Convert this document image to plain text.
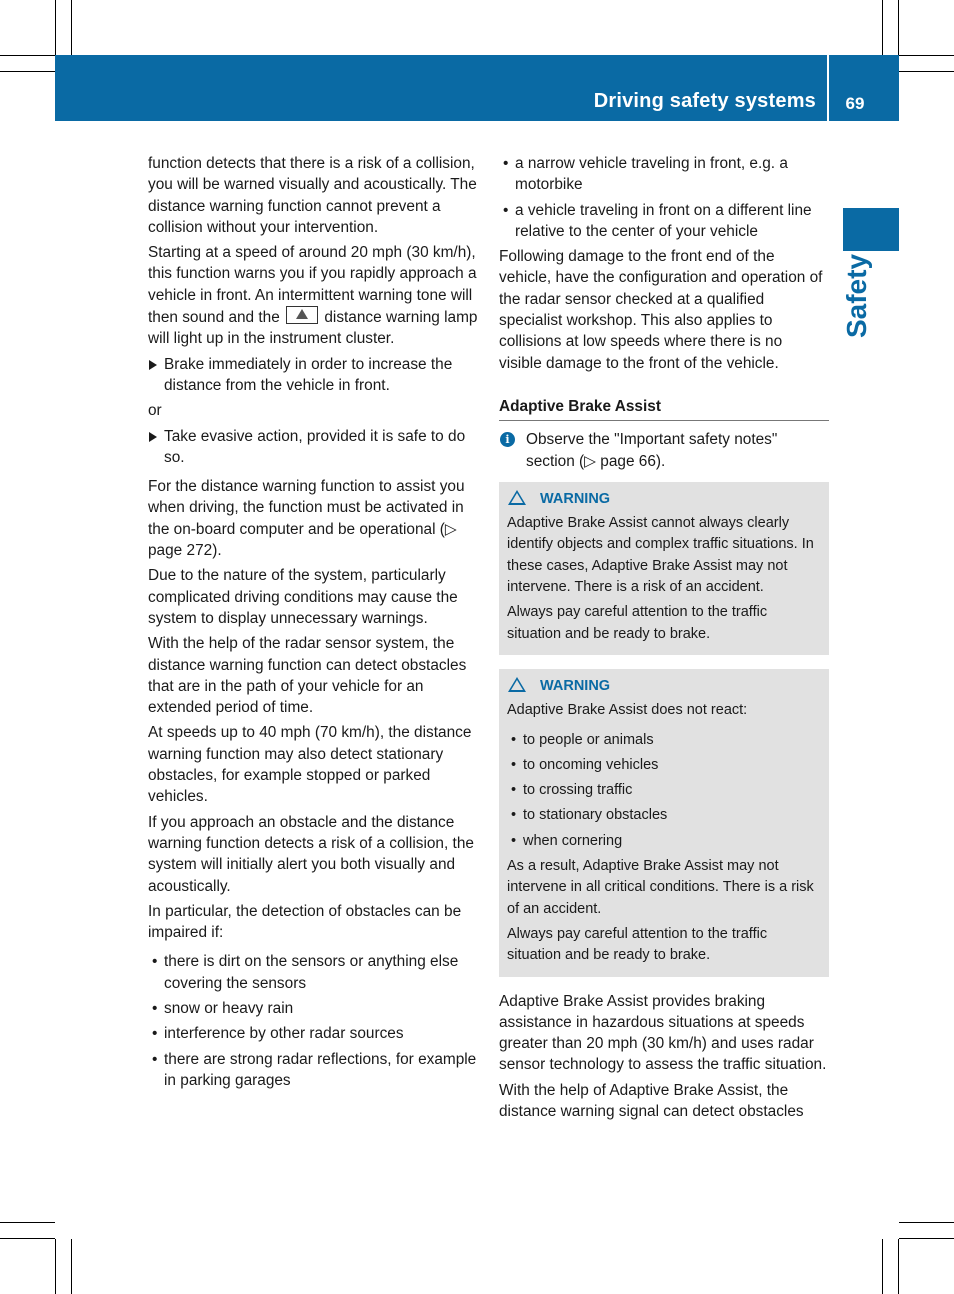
Driving safety systems	69
Safety

function detects that there is a risk of a collision, you will be warned visually and acoustically. The distance warning function cannot prevent a collision without your intervention.

Starting at a speed of around 20 mph (30 km/h), this function warns you if you rapidly approach a vehicle in front. An intermittent warning tone will then sound and the	distance warning lamp will light up in the instrument cluster.

Brake immediately in order to increase the distance from the vehicle in front.
or
Take evasive action, provided it is safe to do so.

For the distance warning function to assist you when driving, the function must be activated in the on-board computer and be operational (▷ page 272).

Due to the nature of the system, particularly complicated driving conditions may cause the system to display unnecessary warnings.

With the help of the radar sensor system, the distance warning function can detect obstacles that are in the path of your vehicle for an extended period of time.

At speeds up to 40 mph (70 km/h), the distance warning function may also detect stationary obstacles, for example stopped or parked vehicles.

If you approach an obstacle and the distance warning function detects a risk of a collision, the system will initially alert you both visually and acoustically.

In particular, the detection of obstacles can be impaired if:

• there is dirt on the sensors or anything else covering the sensors
• snow or heavy rain
• interference by other radar sources
• there are strong radar reflections, for example in parking garages
• a narrow vehicle traveling in front, e.g. a motorbike
• a vehicle traveling in front on a different line relative to the center of your vehicle

Following damage to the front end of the vehicle, have the configuration and operation of the radar sensor checked at a qualified specialist workshop. This also applies to collisions at low speeds where there is no visible damage to the front of the vehicle.

Adaptive Brake Assist
i	Observe the "Important safety notes" section (▷ page 66).
WARNING

Adaptive Brake Assist cannot always clearly identify objects and complex traffic situations. In these cases, Adaptive Brake Assist may not intervene. There is a risk of an accident.

Always pay careful attention to the traffic situation and be ready to brake.

WARNING

Adaptive Brake Assist does not react:

• to people or animals
• to oncoming vehicles
• to crossing traffic
• to stationary obstacles
• when cornering

As a result, Adaptive Brake Assist may not intervene in all critical conditions. There is a risk of an accident.

Always pay careful attention to the traffic situation and be ready to brake.

Adaptive Brake Assist provides braking assistance in hazardous situations at speeds greater than 20 mph (30 km/h) and uses radar sensor technology to assess the traffic situation.

With the help of Adaptive Brake Assist, the distance warning signal can detect obstacles
